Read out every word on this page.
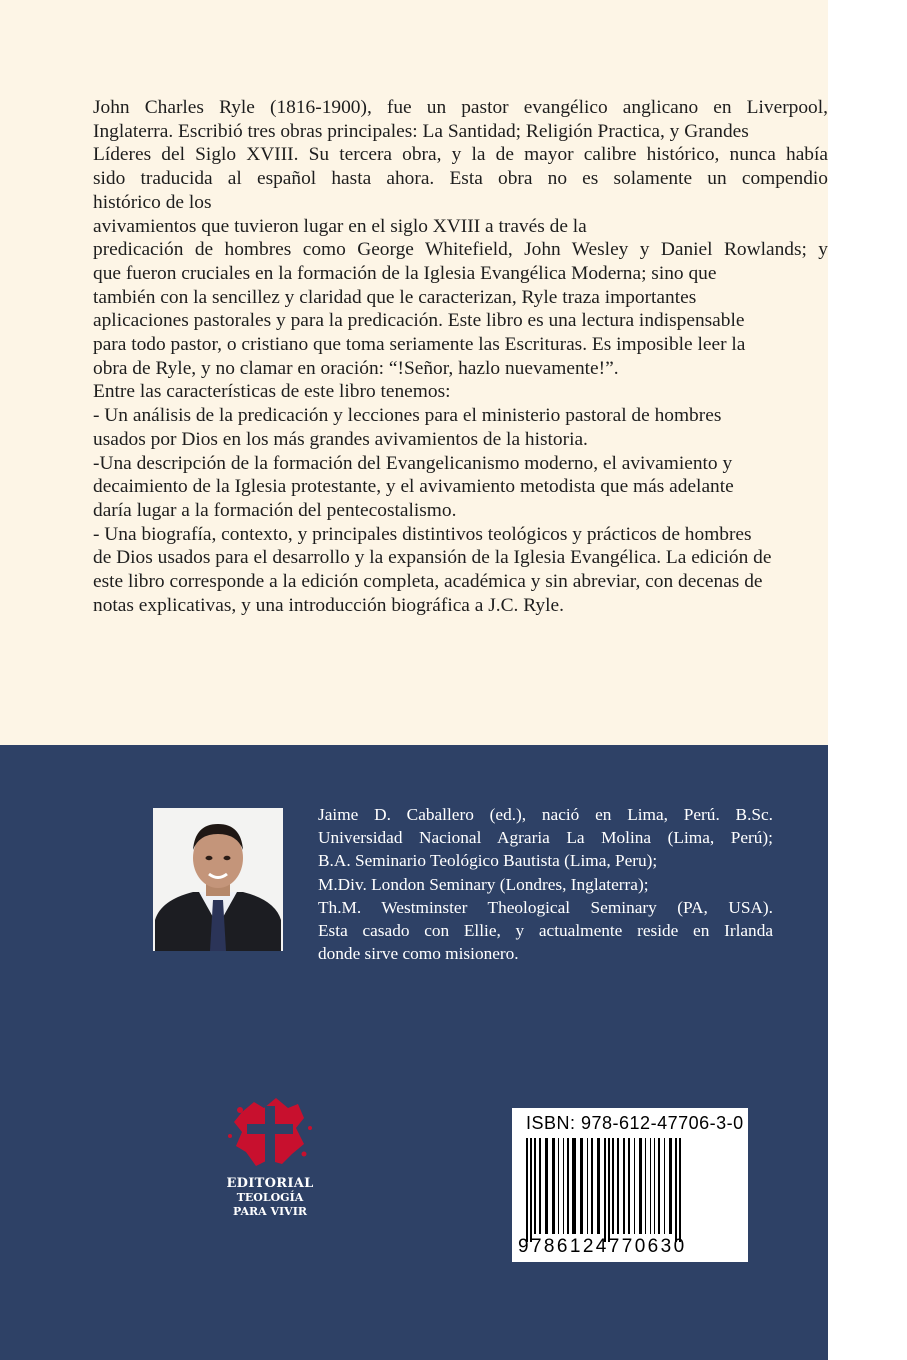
John Charles Ryle (1816-1900), fue un pastor evangélico anglicano en Liverpool,

Inglaterra. Escribió tres obras principales: La Santidad; Religión Practica, y Grandes

Líderes del Siglo XVIII. Su tercera obra, y la de mayor calibre histórico, nunca había

sido traducida al español hasta ahora. Esta obra no es solamente un compendio

histórico de los

avivamientos que tuvieron lugar en el siglo XVIII a través de la

predicación de hombres como George Whitefield, John Wesley y Daniel Rowlands; y

que fueron cruciales en la formación de la Iglesia Evangélica Moderna; sino que

también con la sencillez y claridad que le caracterizan, Ryle traza importantes

aplicaciones pastorales y para la predicación. Este libro es una lectura indispensable

para todo pastor, o cristiano que toma seriamente las Escrituras. Es imposible leer la

obra de Ryle, y no clamar en oración: “!Señor, hazlo nuevamente!”.

Entre las características de este libro tenemos:

- Un análisis de la predicación y lecciones para el ministerio pastoral de hombres

usados por Dios en los más grandes avivamientos de la historia.

-Una descripción de la formación del Evangelicanismo moderno, el avivamiento y

decaimiento de la Iglesia protestante, y el avivamiento metodista que más adelante

daría lugar a la formación del pentecostalismo.

- Una biografía, contexto, y principales distintivos teológicos y prácticos de hombres

de Dios usados para el desarrollo y la expansión de la Iglesia Evangélica. La edición de

este libro corresponde a la edición completa, académica y sin abreviar, con decenas de

notas explicativas, y una introducción biográfica a J.C. Ryle.

Jaime D. Caballero (ed.), nació en Lima, Perú. B.Sc.

Universidad Nacional Agraria La Molina (Lima, Perú);

B.A. Seminario Teológico Bautista (Lima, Peru);

M.Div. London Seminary (Londres, Inglaterra);

Th.M. Westminster Theological Seminary (PA, USA).

Esta casado con Ellie, y actualmente reside en Irlanda

donde sirve como misionero.

EDITORIAL
TEOLOGÍA
PARA VIVIR
ISBN: 978-612-47706-3-0
9786124770630
